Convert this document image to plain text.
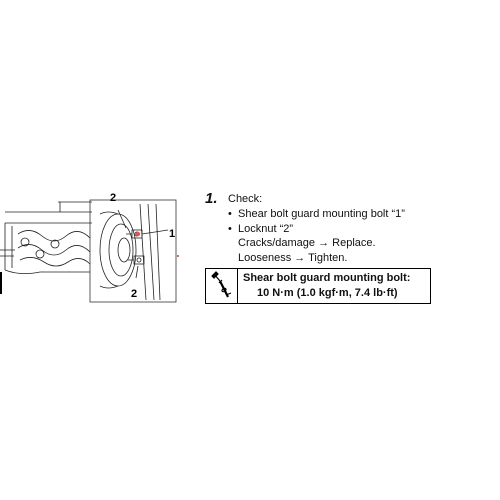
2
1
2
1. Check:
• Shear bolt guard mounting bolt “1”
• Locknut “2”
Cracks/damage → Replace.
Looseness → Tighten.
Shear bolt guard mounting bolt:
10 N·m (1.0 kgf·m, 7.4 lb·ft)
